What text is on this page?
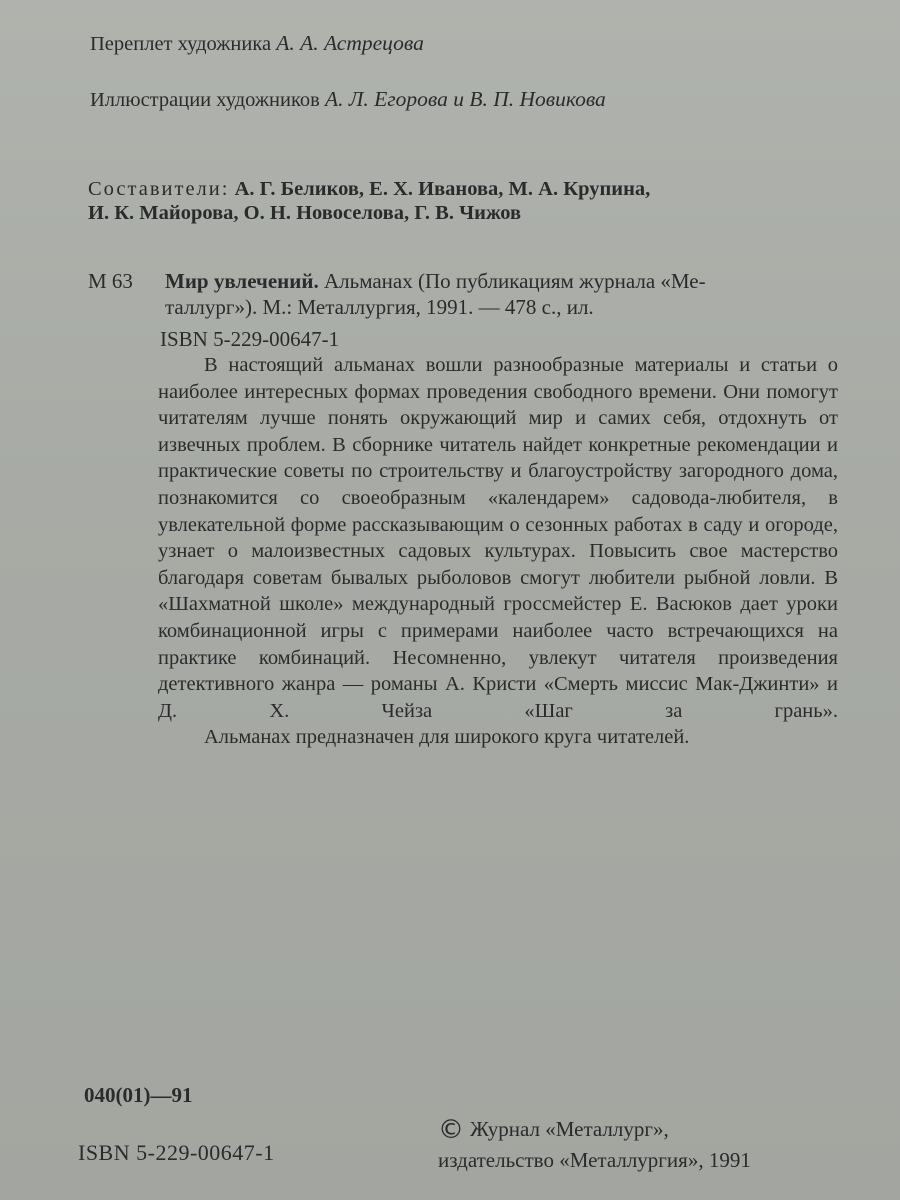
Переплет художника А. А. Астрецова
Иллюстрации художников А. Л. Егорова и В. П. Новикова
Составители: А. Г. Беликов, Е. Х. Иванова, М. А. Крупина,
И. К. Майорова, О. Н. Новоселова, Г. В. Чижов
М 63 Мир увлечений. Альманах (По публикациям журнала «Ме-
таллург»). М.: Металлургия, 1991. — 478 с., ил.
ISBN 5-229-00647-1

В настоящий альманах вошли разнообразные материалы и статьи о наиболее интересных формах проведения свободного времени. Они помогут читателям лучше понять окружающий мир и самих себя, отдохнуть от извечных проблем. В сборнике читатель найдет конкретные рекомендации и практические советы по строительству и благоустройству загородного дома, познакомится со своеобразным «календарем» садовода-любителя, в увлекательной форме рассказывающим о сезонных работах в саду и огороде, узнает о малоизвестных садовых культурах. Повысить свое мастерство благодаря советам бывалых рыболовов смогут любители рыбной ловли. В «Шахматной школе» международный гроссмейстер Е. Васюков дает уроки комбинационной игры с примерами наиболее часто встречающихся на практике комбинаций. Несомненно, увлекут читателя произведения детективного жанра — романы А. Кристи «Смерть миссис Мак-Джинти» и Д. Х. Чейза «Шаг за грань».

Альманах предназначен для широкого круга читателей.

040(01)—91
ISBN 5-229-00647-1
© Журнал «Металлург»,
издательство «Металлургия», 1991
